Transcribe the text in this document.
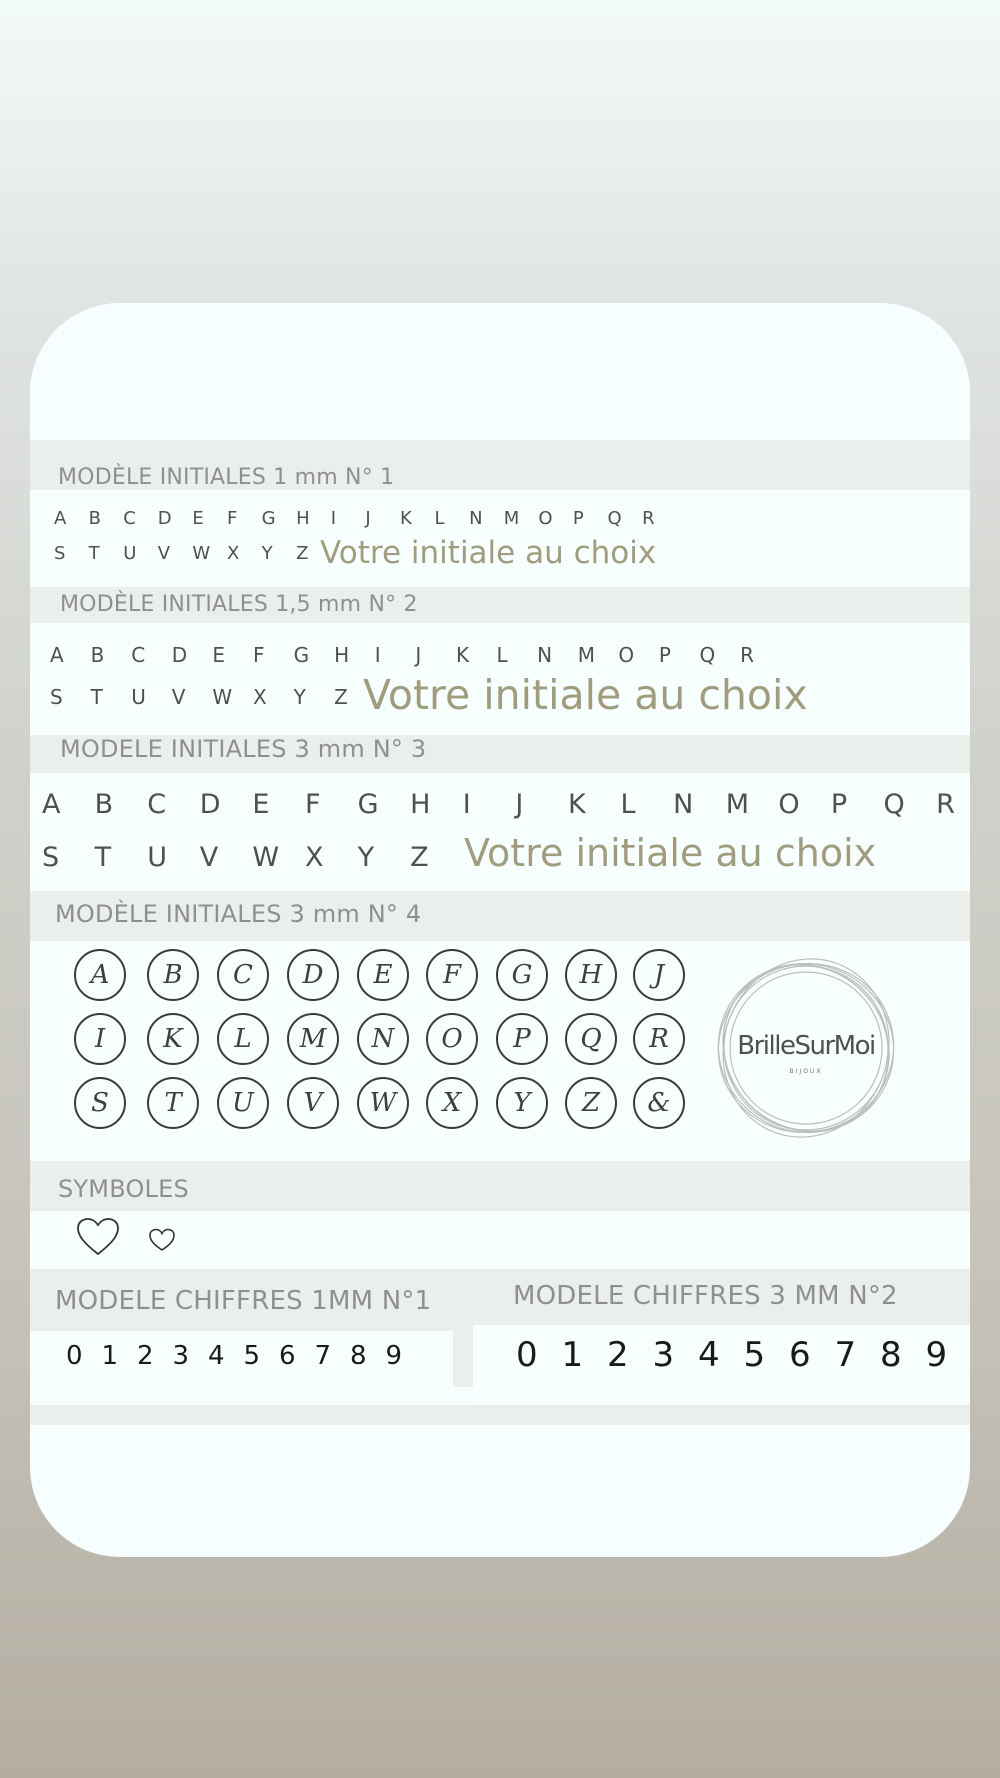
MODÈLE INITIALES 1 mm N° 1
A B C D E F G H I J K L N M O P Q R
S T U V W X Y Z Votre initiale au choix
MODÈLE INITIALES 1,5 mm N° 2
A B C D E F G H I J K L N M O P Q R
S T U V W X Y Z Votre initiale au choix
MODELE INITIALES 3 mm N° 3
A B C D E F G H I J K L N M O P Q R
S T U V W X Y Z Votre initiale au choix
MODÈLE INITIALES 3 mm N° 4
A	B	C	D	E	F	G	H	J
I	K	L	M	N	O	P	Q	R
S	T	U	V	W	X	Y	Z	&
BrilleSurMoi
BIJOUX
SYMBOLES
MODELE CHIFFRES 1MM N°1	MODELE CHIFFRES 3 MM N°2
0 1 2 3 4 5 6 7 8 9	0 1 2 3 4 5 6 7 8 9
